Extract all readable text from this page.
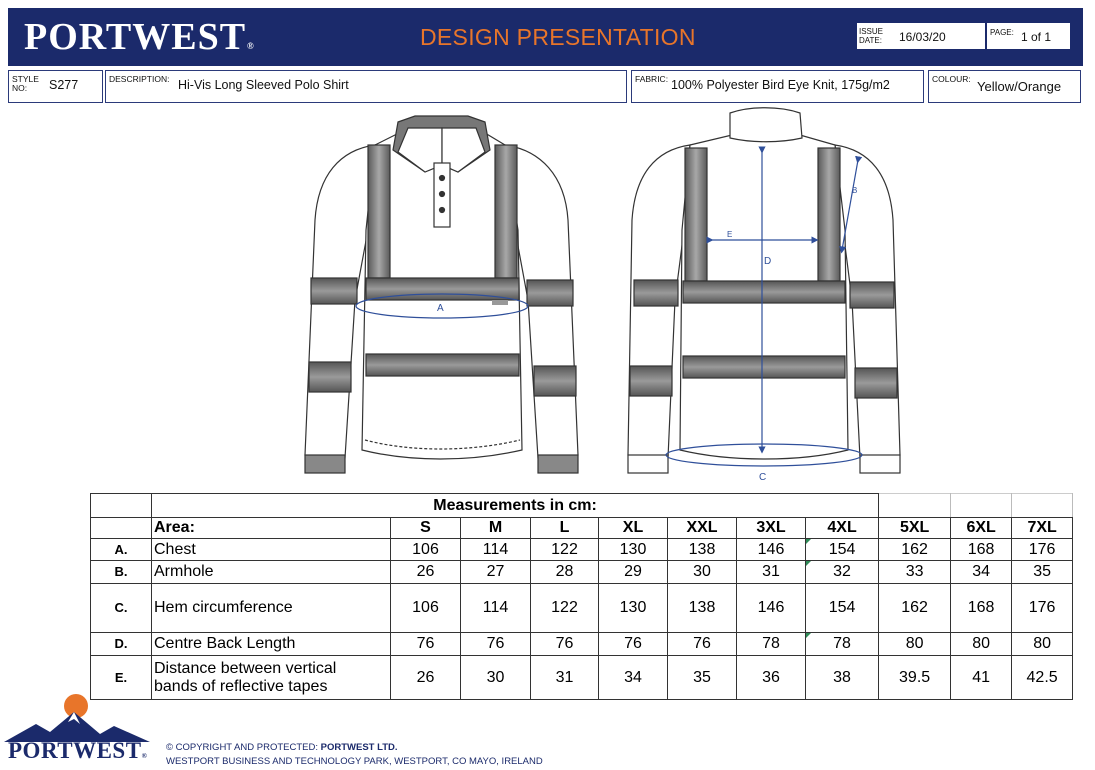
PORTWEST®	DESIGN PRESENTATION	ISSUE
DATE: 16/03/20	PAGE: 1 of 1
STYLE
NO:	S277	DESCRIPTION: Hi-Vis Long Sleeved Polo Shirt	FABRIC: 100% Polyester Bird Eye Knit, 175g/m2	COLOUR: Yellow/Orange
A
D
E
B
C
	Measurements in cm:										
	Area:	S	M	L	XL	XXL	3XL	4XL	5XL	6XL	7XL
A.	Chest	106	114	122	130	138	146	154	162	168	176
B.	Armhole	26	27	28	29	30	31	32	33	34	35
C.	Hem circumference	106	114	122	130	138	146	154	162	168	176
D.	Centre Back Length	76	76	76	76	76	78	78	80	80	80
E.	Distance between vertical
bands of reflective tapes	26	30	31	34	35	36	38	39.5	41	42.5
PORTWEST®
© COPYRIGHT AND PROTECTED: PORTWEST LTD.
WESTPORT BUSINESS AND TECHNOLOGY PARK, WESTPORT, CO MAYO, IRELAND
